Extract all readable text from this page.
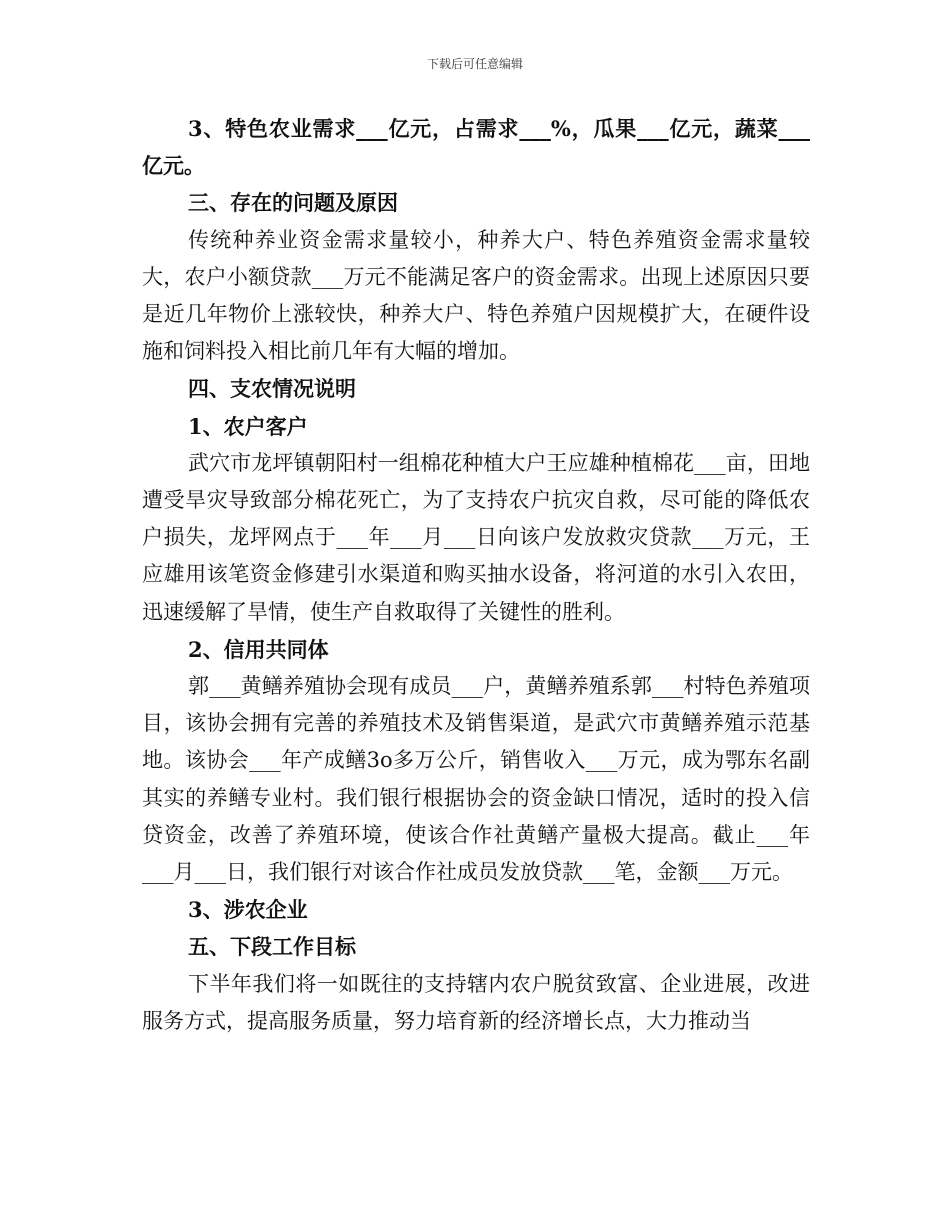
下载后可任意编辑

3、特色农业需求___亿元，占需求___%，瓜果___亿元，蔬菜___亿元。

三、存在的问题及原因

传统种养业资金需求量较小，种养大户、特色养殖资金需求量较大，农户小额贷款___万元不能满足客户的资金需求。出现上述原因只要是近几年物价上涨较快，种养大户、特色养殖户因规模扩大，在硬件设施和饲料投入相比前几年有大幅的增加。

四、支农情况说明

1、农户客户

武穴市龙坪镇朝阳村一组棉花种植大户王应雄种植棉花___亩，田地遭受旱灾导致部分棉花死亡，为了支持农户抗灾自救，尽可能的降低农户损失，龙坪网点于___年___月___日向该户发放救灾贷款___万元，王应雄用该笔资金修建引水渠道和购买抽水设备，将河道的水引入农田，迅速缓解了旱情，使生产自救取得了关键性的胜利。

2、信用共同体

郭___黄鳝养殖协会现有成员___户，黄鳝养殖系郭___村特色养殖项目，该协会拥有完善的养殖技术及销售渠道，是武穴市黄鳝养殖示范基地。该协会___年产成鳝3o多万公斤，销售收入___万元，成为鄂东名副其实的养鳝专业村。我们银行根据协会的资金缺口情况，适时的投入信贷资金，改善了养殖环境，使该合作社黄鳝产量极大提高。截止___年___月___日，我们银行对该合作社成员发放贷款___笔，金额___万元。

3、涉农企业

五、下段工作目标

下半年我们将一如既往的支持辖内农户脱贫致富、企业进展，改进服务方式，提高服务质量，努力培育新的经济增长点，大力推动当
